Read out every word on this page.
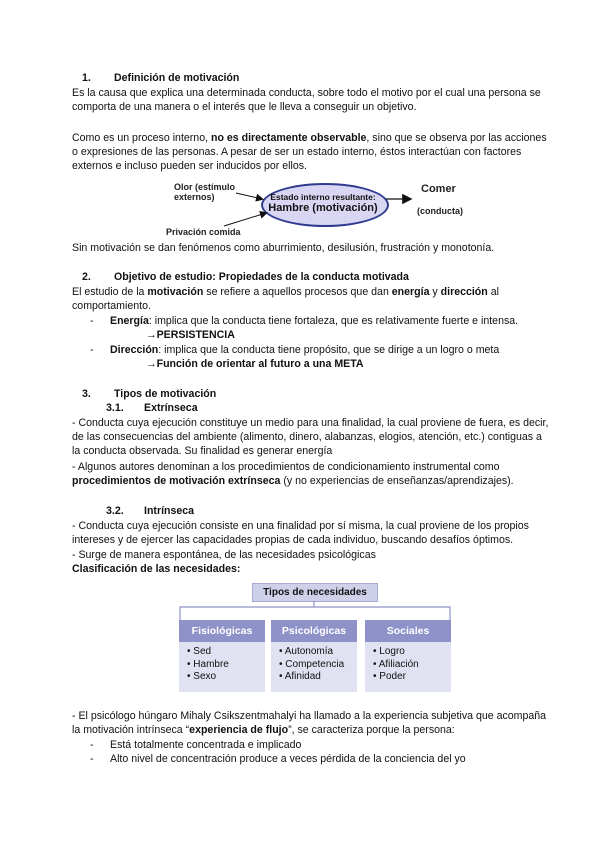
1. Definición de motivación
Es la causa que explica una determinada conducta, sobre todo el motivo por el cual una persona se comporta de una manera o el interés que le lleva a conseguir un objetivo.
Como es un proceso interno, no es directamente observable, sino que se observa por las acciones o expresiones de las personas. A pesar de ser un estado interno, éstos interactúan con factores externos e incluso pueden ser inducidos por ellos.
Olor (estímulo
externos)
Privación comida
Estado interno resultante:
Hambre (motivación)
Comer
(conducta)
Sin motivación se dan fenómenos como aburrimiento, desilusión, frustración y monotonía.
2. Objetivo de estudio: Propiedades de la conducta motivada
El estudio de la motivación se refiere a aquellos procesos que dan energía y dirección al comportamiento.
- Energía: implica que la conducta tiene fortaleza, que es relativamente fuerte e intensa.
→PERSISTENCIA
- Dirección: implica que la conducta tiene propósito, que se dirige a un logro o meta
→Función de orientar al futuro a una META
3. Tipos de motivación
3.1. Extrínseca
- Conducta cuya ejecución constituye un medio para una finalidad, la cual proviene de fuera, es decir, de las consecuencias del ambiente (alimento, dinero, alabanzas, elogios, atención, etc.) contiguas a la conducta observada. Su finalidad es generar energía
- Algunos autores denominan a los procedimientos de condicionamiento instrumental como procedimientos de motivación extrínseca (y no experiencias de enseñanzas/aprendizajes).
3.2. Intrínseca
- Conducta cuya ejecución consiste en una finalidad por sí misma, la cual proviene de los propios intereses y de ejercer las capacidades propias de cada individuo, buscando desafíos óptimos.
- Surge de manera espontánea, de las necesidades psicológicas
Clasificación de las necesidades:
Tipos de necesidades
Fisiológicas
• Sed
• Hambre
• Sexo
Psicológicas
• Autonomía
• Competencia
• Afinidad
Sociales
• Logro
• Afiliación
• Poder
- El psicólogo húngaro Mihaly Csikszentmahalyi ha llamado a la experiencia subjetiva que acompaña la motivación intrínseca “experiencia de flujo”, se caracteriza porque la persona:
- Está totalmente concentrada e implicado
- Alto nivel de concentración produce a veces pérdida de la conciencia del yo
